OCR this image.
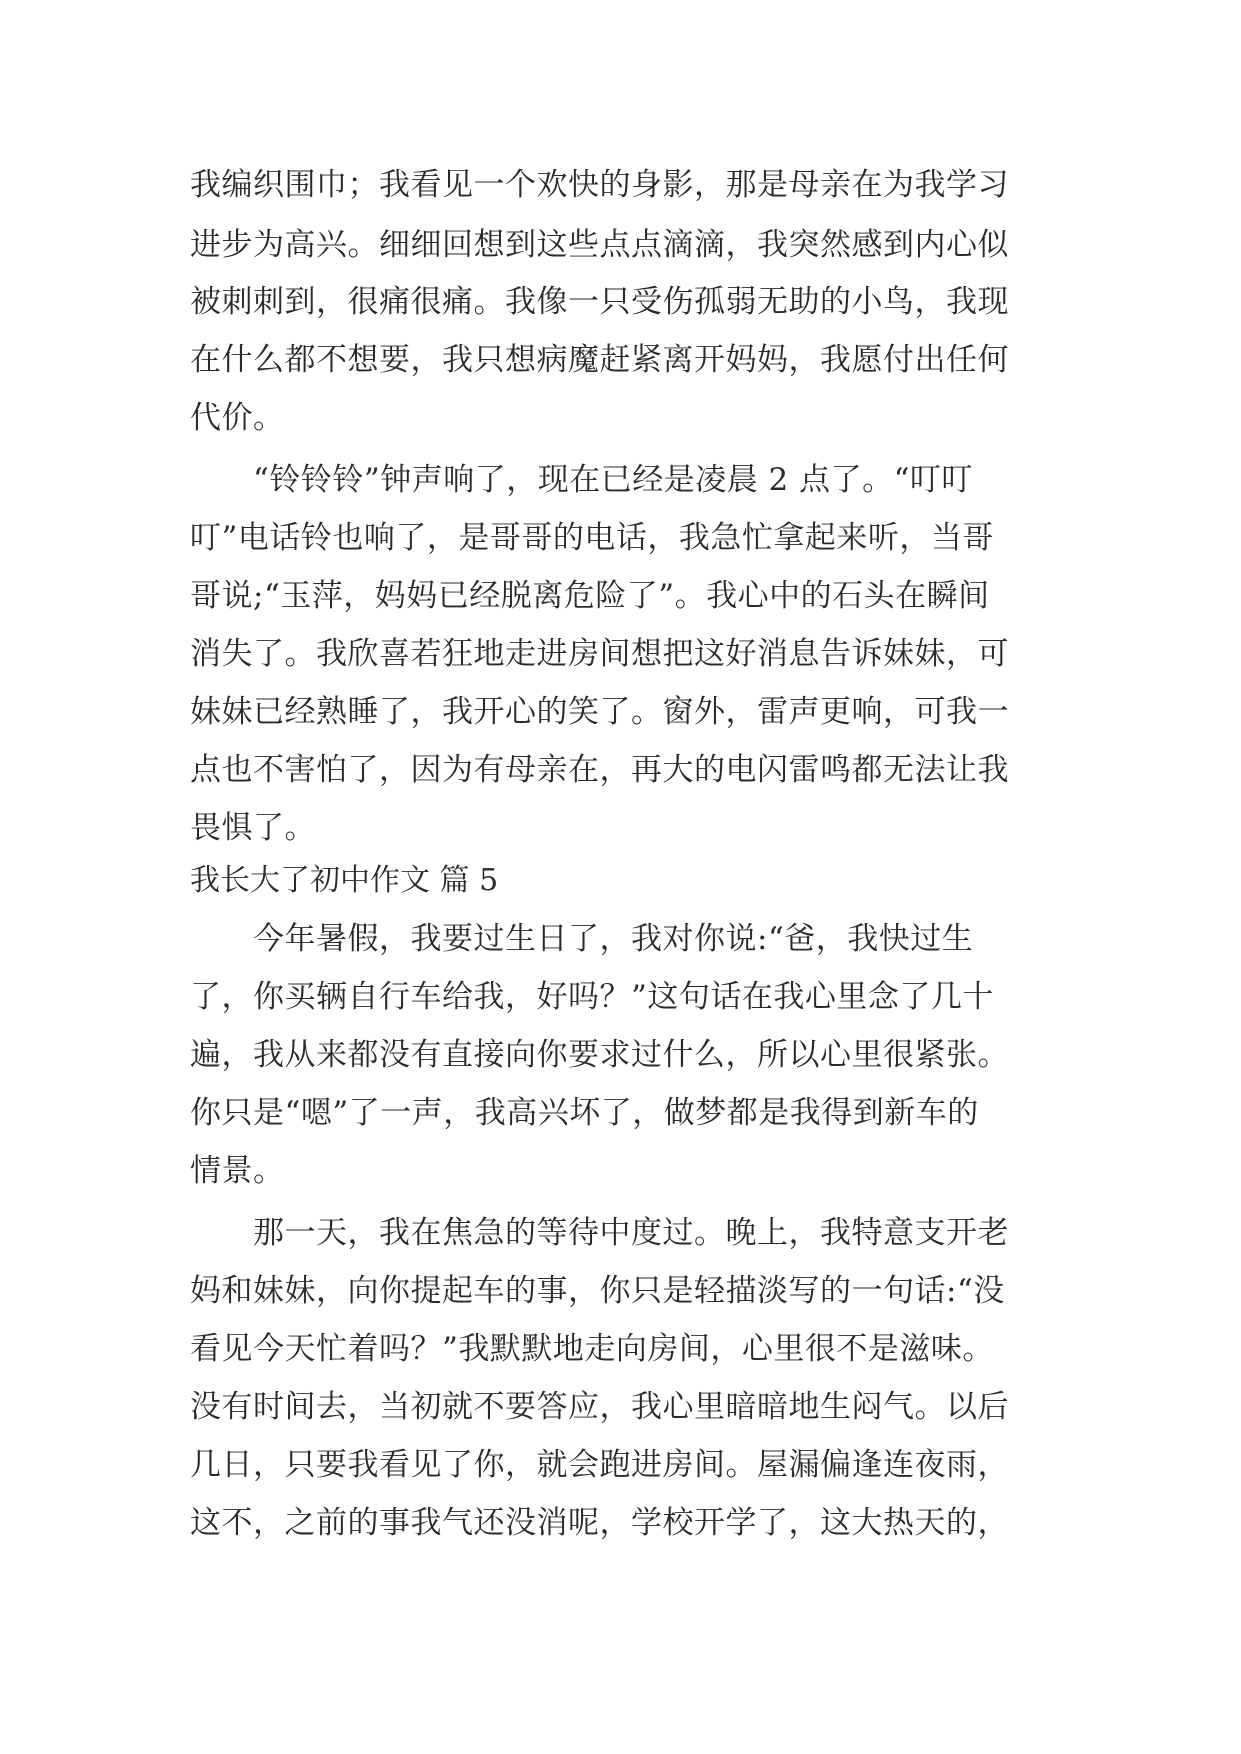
我编织围巾；我看见一个欢快的身影，那是母亲在为我学习
进步为高兴。细细回想到这些点点滴滴，我突然感到内心似
被刺刺到，很痛很痛。我像一只受伤孤弱无助的小鸟，我现
在什么都不想要，我只想病魔赶紧离开妈妈，我愿付出任何
代价。
“铃铃铃”钟声响了，现在已经是凌晨 2 点了。“叮叮
叮”电话铃也响了，是哥哥的电话，我急忙拿起来听，当哥
哥说;“玉萍，妈妈已经脱离危险了”。我心中的石头在瞬间
消失了。我欣喜若狂地走进房间想把这好消息告诉妹妹，可
妹妹已经熟睡了，我开心的笑了。窗外，雷声更响，可我一
点也不害怕了，因为有母亲在，再大的电闪雷鸣都无法让我
畏惧了。
我长大了初中作文 篇 5
今年暑假，我要过生日了，我对你说:“爸，我快过生
了，你买辆自行车给我，好吗？”这句话在我心里念了几十
遍，我从来都没有直接向你要求过什么，所以心里很紧张。
你只是“嗯”了一声，我高兴坏了，做梦都是我得到新车的
情景。
那一天，我在焦急的等待中度过。晚上，我特意支开老
妈和妹妹，向你提起车的事，你只是轻描淡写的一句话:“没
看见今天忙着吗？”我默默地走向房间，心里很不是滋味。
没有时间去，当初就不要答应，我心里暗暗地生闷气。以后
几日，只要我看见了你，就会跑进房间。屋漏偏逢连夜雨，
这不，之前的事我气还没消呢，学校开学了，这大热天的，
